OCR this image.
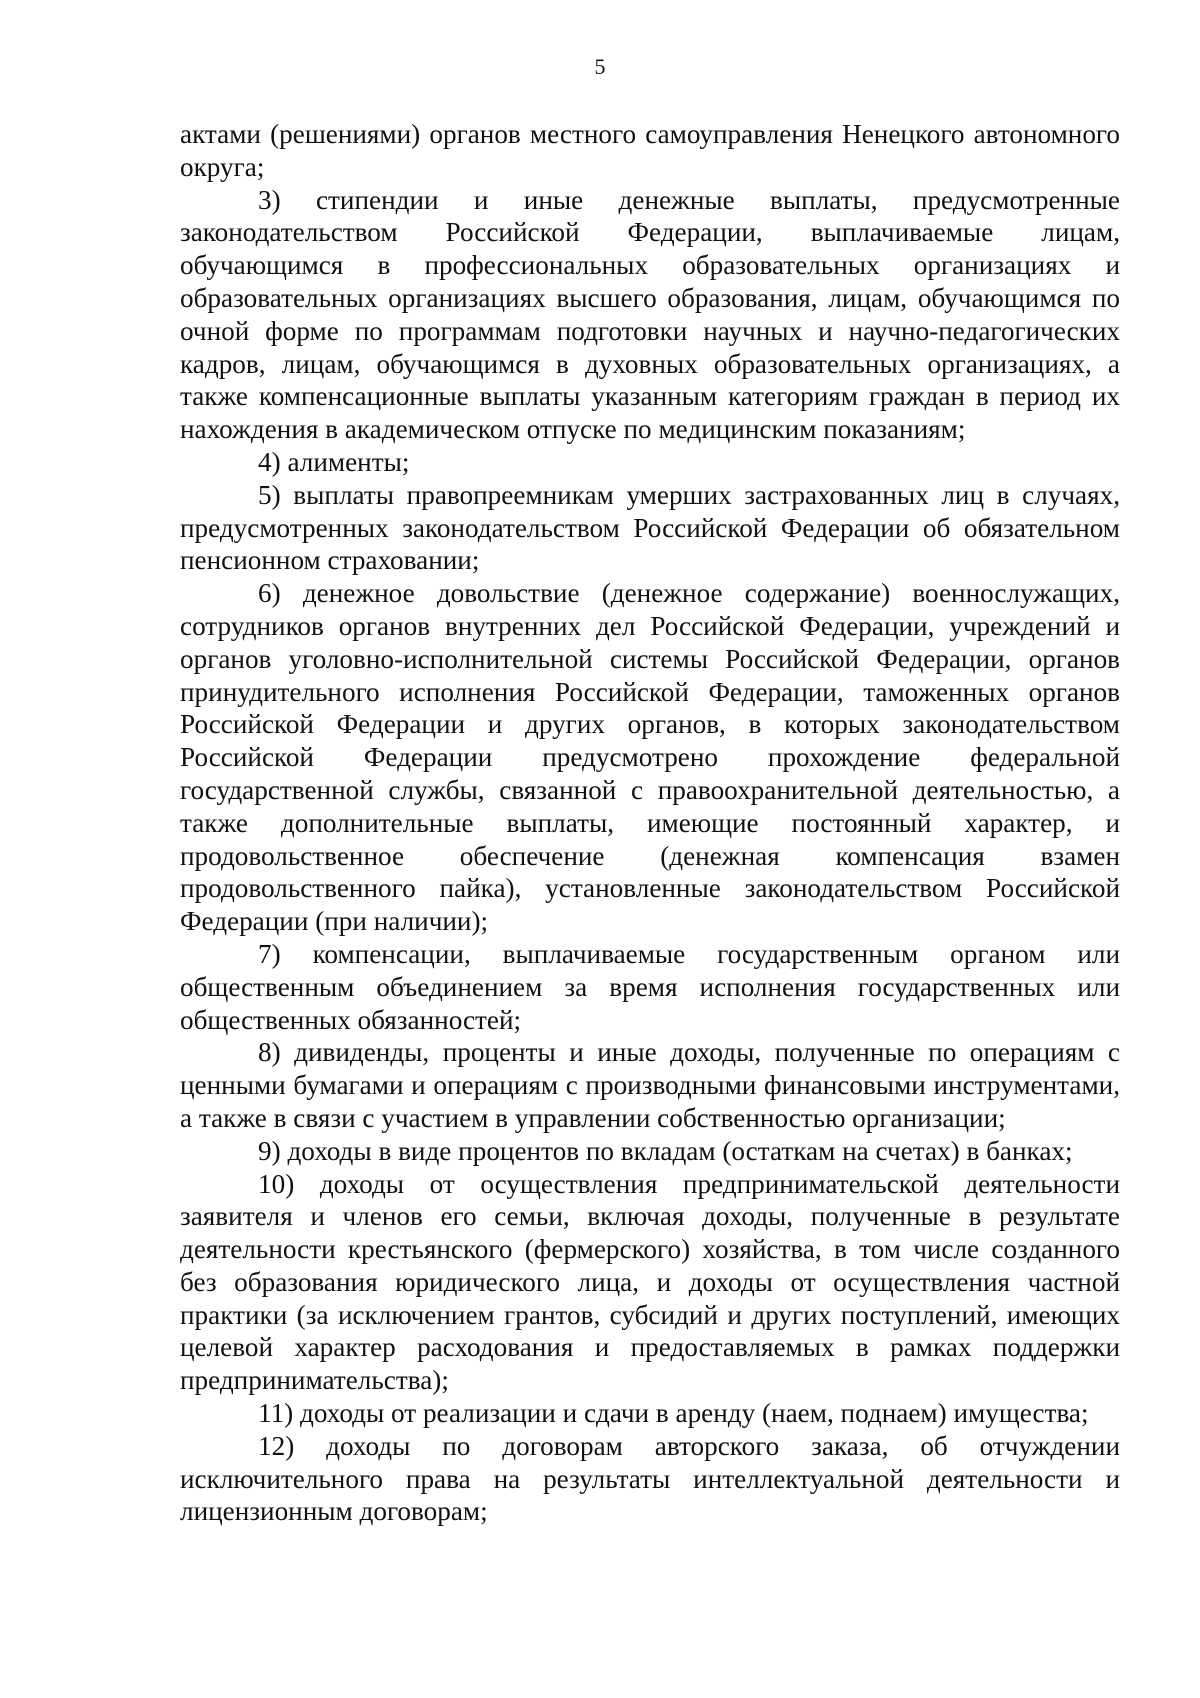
5

актами (решениями) органов местного самоуправления Ненецкого автономного округа;

3) стипендии и иные денежные выплаты, предусмотренные законодательством Российской Федерации, выплачиваемые лицам, обучающимся в профессиональных образовательных организациях и образовательных организациях высшего образования, лицам, обучающимся по очной форме по программам подготовки научных и научно-педагогических кадров, лицам, обучающимся в духовных образовательных организациях, а также компенсационные выплаты указанным категориям граждан в период их нахождения в академическом отпуске по медицинским показаниям;

4) алименты;

5) выплаты правопреемникам умерших застрахованных лиц в случаях, предусмотренных законодательством Российской Федерации об обязательном пенсионном страховании;

6) денежное довольствие (денежное содержание) военнослужащих, сотрудников органов внутренних дел Российской Федерации, учреждений и органов уголовно-исполнительной системы Российской Федерации, органов принудительного исполнения Российской Федерации, таможенных органов Российской Федерации и других органов, в которых законодательством Российской Федерации предусмотрено прохождение федеральной государственной службы, связанной с правоохранительной деятельностью, а также дополнительные выплаты, имеющие постоянный характер, и продовольственное обеспечение (денежная компенсация взамен продовольственного пайка), установленные законодательством Российской Федерации (при наличии);

7) компенсации, выплачиваемые государственным органом или общественным объединением за время исполнения государственных или общественных обязанностей;

8) дивиденды, проценты и иные доходы, полученные по операциям с ценными бумагами и операциям с производными финансовыми инструментами, а также в связи с участием в управлении собственностью организации;

9) доходы в виде процентов по вкладам (остаткам на счетах) в банках;

10) доходы от осуществления предпринимательской деятельности заявителя и членов его семьи, включая доходы, полученные в результате деятельности крестьянского (фермерского) хозяйства, в том числе созданного без образования юридического лица, и доходы от осуществления частной практики (за исключением грантов, субсидий и других поступлений, имеющих целевой характер расходования и предоставляемых в рамках поддержки предпринимательства);

11) доходы от реализации и сдачи в аренду (наем, поднаем) имущества;

12) доходы по договорам авторского заказа, об отчуждении исключительного права на результаты интеллектуальной деятельности и лицензионным договорам;
